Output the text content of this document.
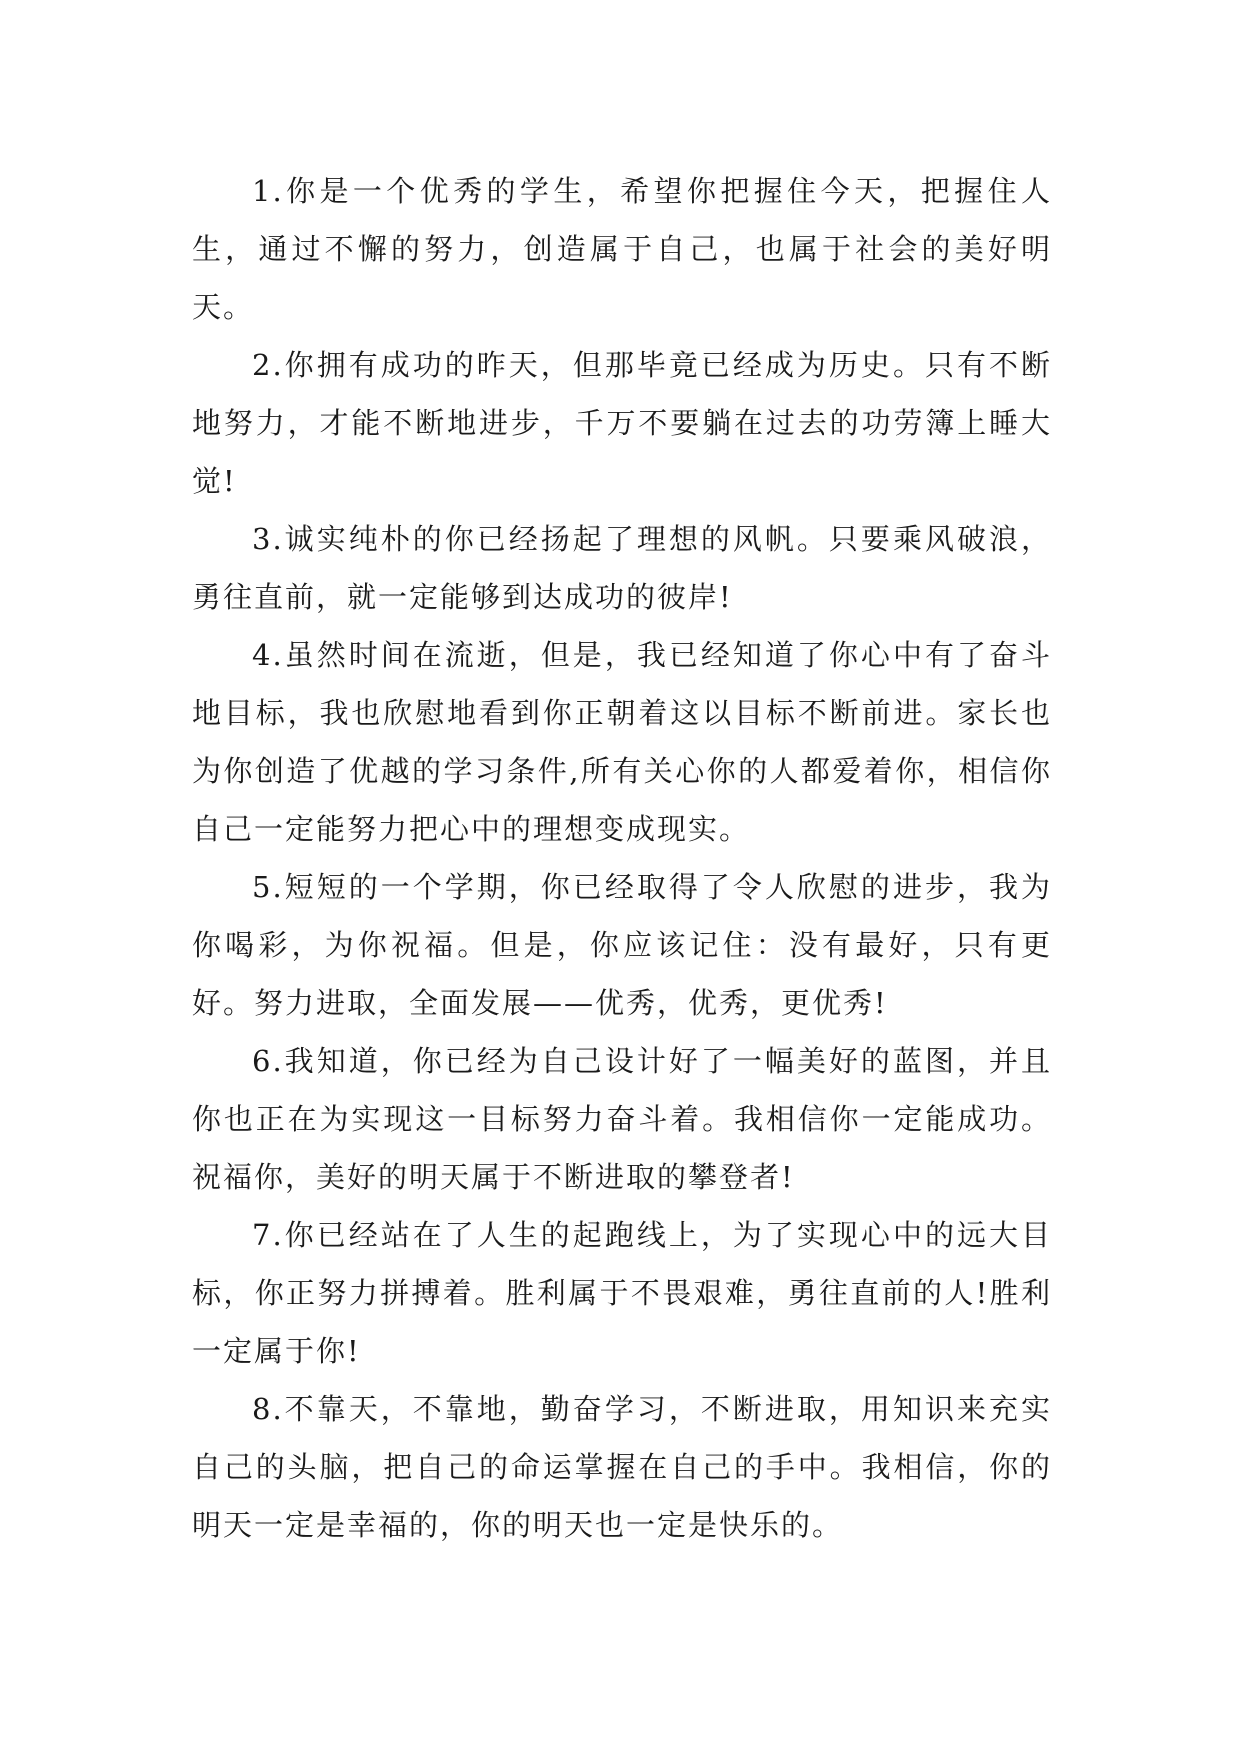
1.你是一个优秀的学生，希望你把握住今天，把握住人生，通过不懈的努力，创造属于自己，也属于社会的美好明天。

2.你拥有成功的昨天，但那毕竟已经成为历史。只有不断地努力，才能不断地进步，千万不要躺在过去的功劳簿上睡大觉!

3.诚实纯朴的你已经扬起了理想的风帆。只要乘风破浪，勇往直前，就一定能够到达成功的彼岸!

4.虽然时间在流逝，但是，我已经知道了你心中有了奋斗地目标，我也欣慰地看到你正朝着这以目标不断前进。家长也为你创造了优越的学习条件,所有关心你的人都爱着你，相信你自己一定能努力把心中的理想变成现实。

5.短短的一个学期，你已经取得了令人欣慰的进步，我为你喝彩，为你祝福。但是，你应该记住：没有最好，只有更好。努力进取，全面发展——优秀，优秀，更优秀!

6.我知道，你已经为自己设计好了一幅美好的蓝图，并且你也正在为实现这一目标努力奋斗着。我相信你一定能成功。祝福你，美好的明天属于不断进取的攀登者!

7.你已经站在了人生的起跑线上，为了实现心中的远大目标，你正努力拼搏着。胜利属于不畏艰难，勇往直前的人!胜利一定属于你!

8.不靠天，不靠地，勤奋学习，不断进取，用知识来充实自己的头脑，把自己的命运掌握在自己的手中。我相信，你的明天一定是幸福的，你的明天也一定是快乐的。
